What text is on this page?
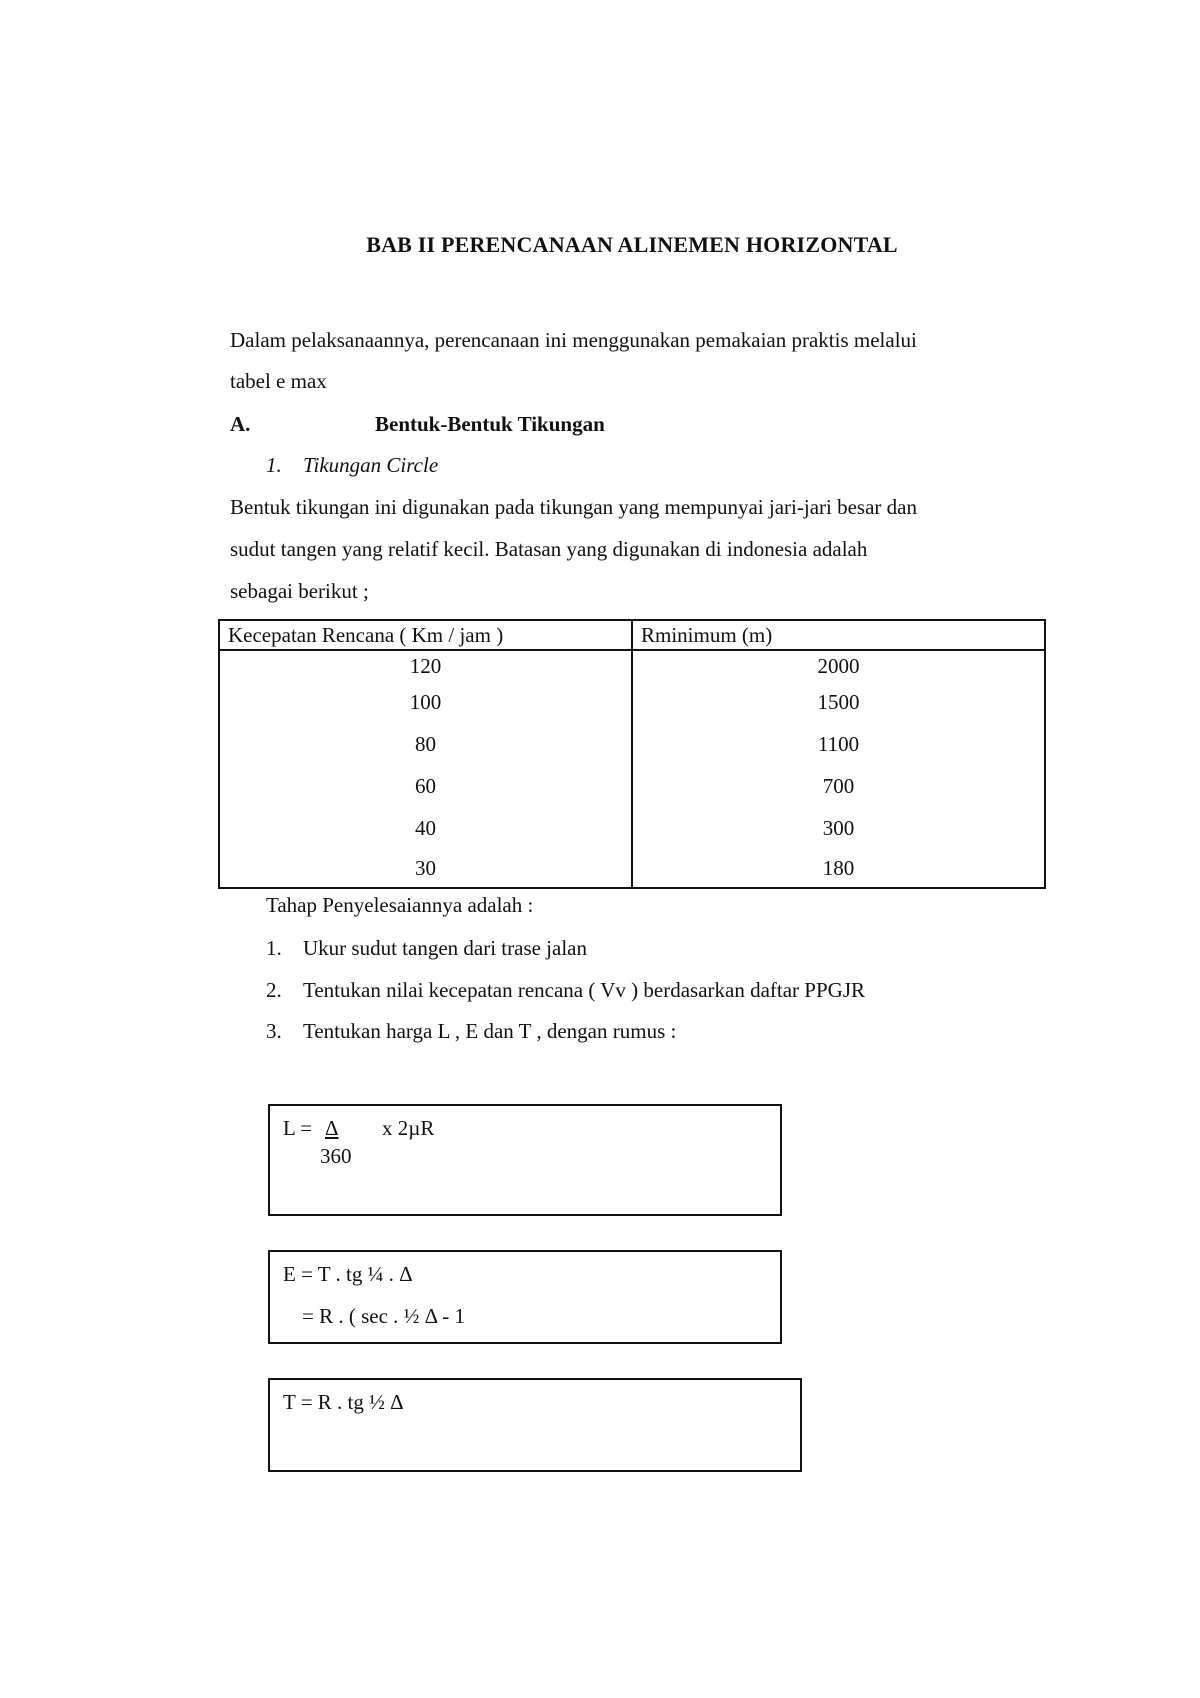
BAB II PERENCANAAN ALINEMEN HORIZONTAL
Dalam pelaksanaannya, perencanaan ini menggunakan pemakaian praktis melalui
tabel e max
A.	Bentuk-Bentuk Tikungan
1. Tikungan Circle
Bentuk tikungan ini digunakan pada tikungan yang mempunyai jari-jari besar dan
sudut tangen yang relatif kecil. Batasan yang digunakan di indonesia adalah
sebagai berikut ;
Kecepatan Rencana ( Km / jam )	Rminimum (m)
120	2000
100	1500
80	1100
60	700
40	300
30	180
Tahap Penyelesaiannya adalah :
1. Ukur sudut tangen dari trase jalan
2. Tentukan nilai kecepatan rencana ( Vv ) berdasarkan daftar PPGJR
3. Tentukan harga L , E dan T , dengan rumus :
L = Δ x 2µR
360
E = T . tg ¼ . Δ
= R . ( sec . ½ Δ - 1
T = R . tg ½ Δ
